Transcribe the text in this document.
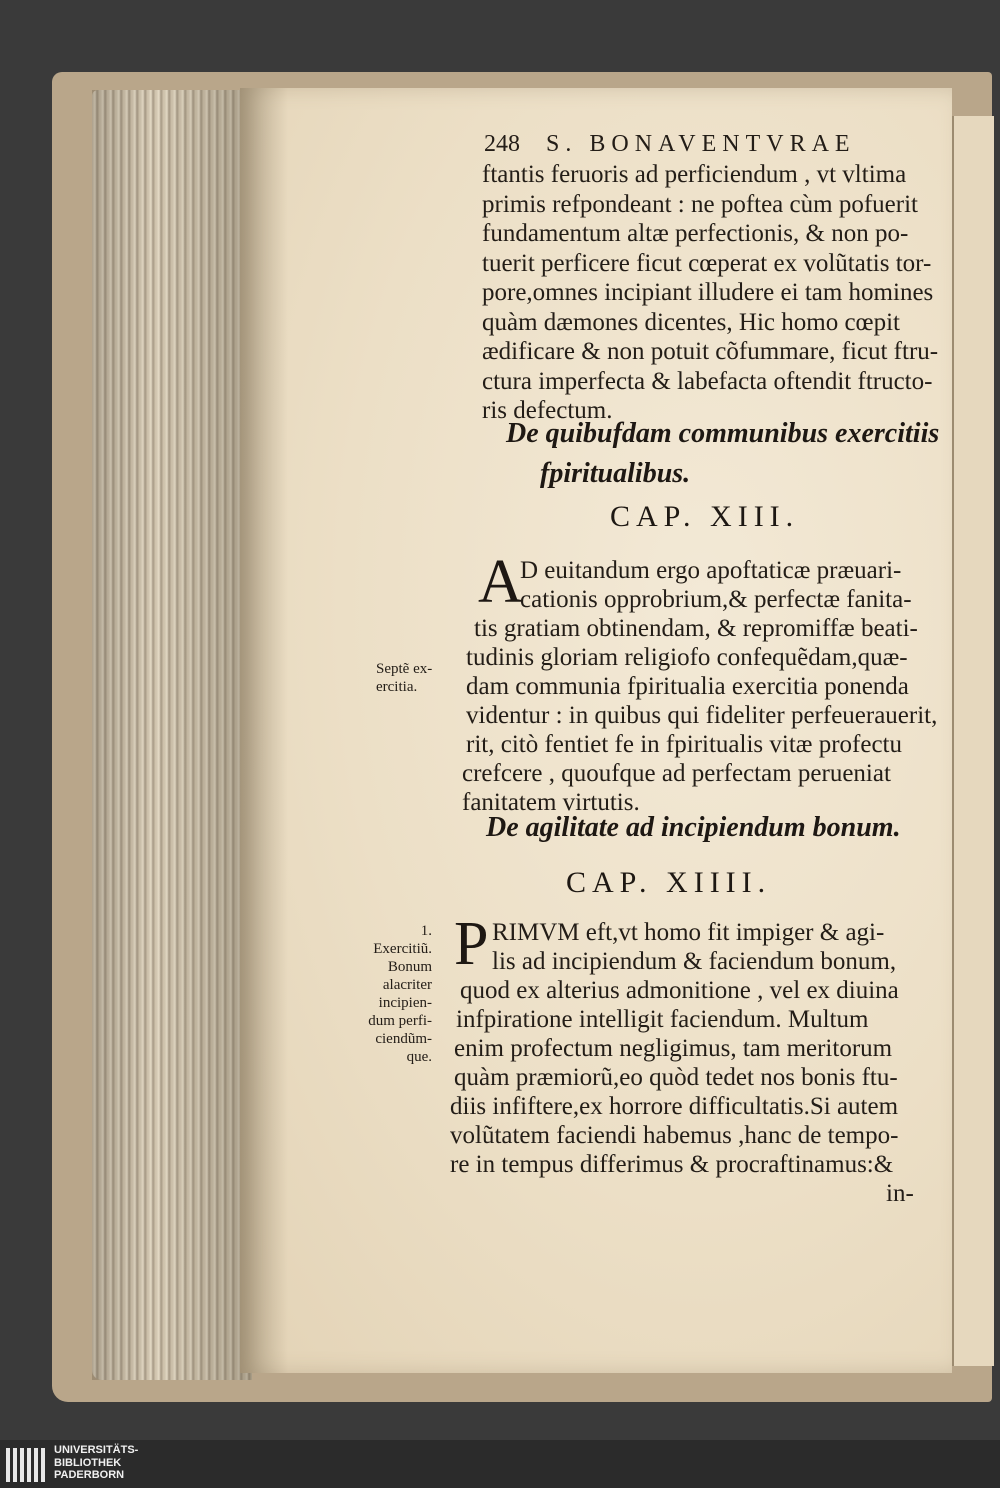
248 S. BONAVENTVRAE
ftantis feruoris ad perficiendum , vt vltima
primis refpondeant : ne poftea cùm pofuerit
fundamentum altæ perfectionis, & non po-
tuerit perficere ficut cœperat ex volũtatis tor-
pore,omnes incipiant illudere ei tam homines
quàm dæmones dicentes, Hic homo cœpit
ædificare & non potuit cõfummare, ficut ftru-
ctura imperfecta & labefacta oftendit ftructo-
ris defectum.
De quibufdam communibus exercitiis
fpiritualibus.
CAP. XIII.
A
D euitandum ergo apoftaticæ præuari-
cationis opprobrium,& perfectæ fanita-
tis gratiam obtinendam, & repromiffæ beati-
tudinis gloriam religiofo confequẽdam,quæ-
dam communia fpiritualia exercitia ponenda
videntur : in quibus qui fideliter perfeuerauerit,
rit, citò fentiet fe in fpiritualis vitæ profectu
crefcere , quoufque ad perfectam perueniat
fanitatem virtutis.
Septẽ ex-
ercitia.
De agilitate ad incipiendum bonum.
CAP. XIIII.
P RIMVM eft,vt homo fit impiger & agi-
lis ad incipiendum & faciendum bonum,
quod ex alterius admonitione , vel ex diuina
infpiratione intelligit faciendum. Multum
enim profectum negligimus, tam meritorum
quàm præmiorũ,eo quòd tedet nos bonis ftu-
diis infiftere,ex horrore difficultatis.Si autem
volũtatem faciendi habemus ,hanc de tempo-
re in tempus differimus & procraftinamus:&
in-
1.
Exercitiũ.
Bonum
alacriter
incipien-
dum perfi-
ciendũm-
que.
UNIVERSITÄTS-
BIBLIOTHEK
PADERBORN
